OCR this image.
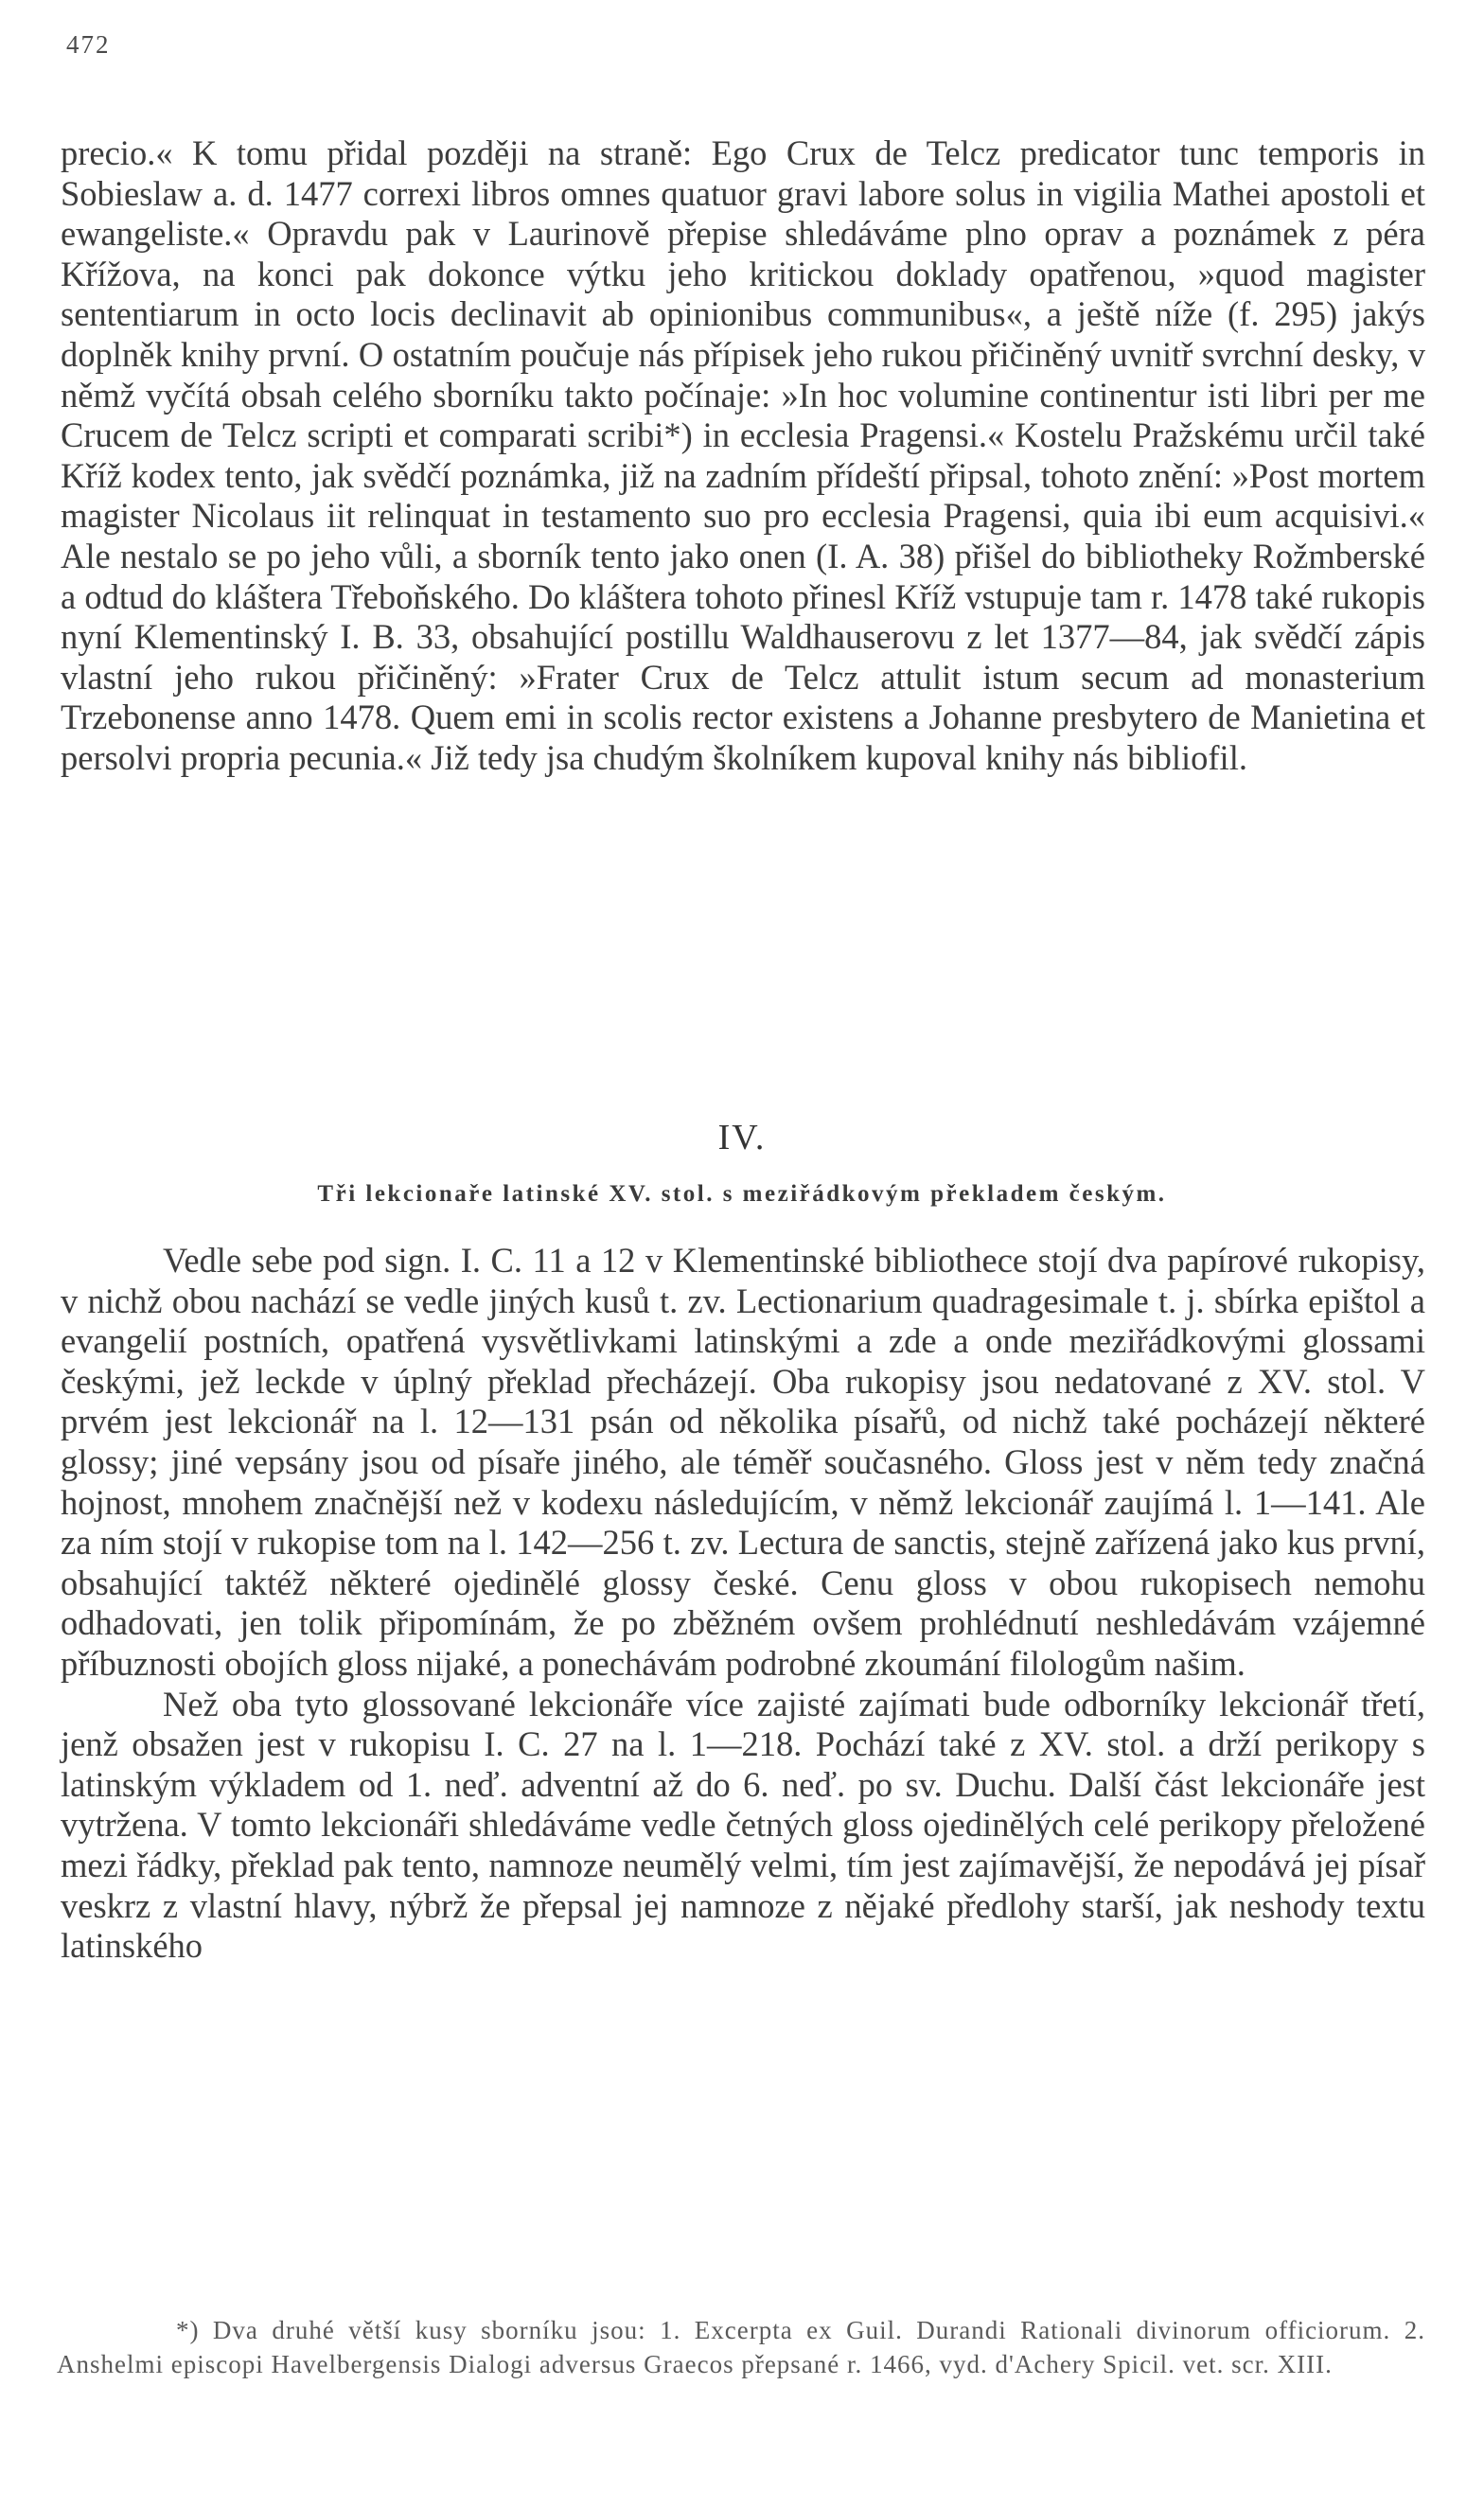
472

precio.« K tomu přidal později na straně: Ego Crux de Telcz predicator tunc temporis in Sobieslaw a. d. 1477 correxi libros omnes quatuor gravi labore solus in vigilia Mathei apostoli et ewangeliste.« Opravdu pak v Laurinově přepise shledáváme plno oprav a poznámek z péra Křížova, na konci pak dokonce výtku jeho kritickou doklady opatřenou, »quod magister sententiarum in octo locis declinavit ab opinionibus communibus«, a ještě níže (f. 295) jakýs doplněk knihy první. O ostatním poučuje nás přípisek jeho rukou přičiněný uvnitř svrchní desky, v němž vyčítá obsah celého sborníku takto počínaje: »In hoc volumine continentur isti libri per me Crucem de Telcz scripti et comparati scribi*) in ecclesia Pragensi.« Kostelu Pražskému určil také Kříž kodex tento, jak svědčí poznámka, již na zadním přídeští připsal, tohoto znění: »Post mortem magister Nicolaus iit relinquat in testamento suo pro ecclesia Pragensi, quia ibi eum acquisivi.« Ale nestalo se po jeho vůli, a sborník tento jako onen (I. A. 38) přišel do bibliotheky Rožmberské a odtud do kláštera Třeboňského. Do kláštera tohoto přinesl Kříž vstupuje tam r. 1478 také rukopis nyní Klementinský I. B. 33, obsahující postillu Waldhauserovu z let 1377—84, jak svědčí zápis vlastní jeho rukou přičiněný: »Frater Crux de Telcz attulit istum secum ad monasterium Trzebonense anno 1478. Quem emi in scolis rector existens a Johanne presbytero de Manietina et persolvi propria pecunia.« Již tedy jsa chudým školníkem kupoval knihy nás bibliofil.

IV.
Tři lekcionaře latinské XV. stol. s meziřádkovým překladem českým.

Vedle sebe pod sign. I. C. 11 a 12 v Klementinské bibliothece stojí dva papírové rukopisy, v nichž obou nachází se vedle jiných kusů t. zv. Lectionarium quadragesimale t. j. sbírka epištol a evangelií postních, opatřená vysvětlivkami latinskými a zde a onde meziřádkovými glossami českými, jež leckde v úplný překlad přecházejí. Oba rukopisy jsou nedatované z XV. stol. V prvém jest lekcionář na l. 12—131 psán od několika písařů, od nichž také pocházejí některé glossy; jiné vepsány jsou od písaře jiného, ale téměř současného. Gloss jest v něm tedy značná hojnost, mnohem značnější než v kodexu následujícím, v němž lekcionář zaujímá l. 1—141. Ale za ním stojí v rukopise tom na l. 142—256 t. zv. Lectura de sanctis, stejně zařízená jako kus první, obsahující taktéž některé ojedinělé glossy české. Cenu gloss v obou rukopisech nemohu odhadovati, jen tolik připomínám, že po zběžném ovšem prohlédnutí neshledávám vzájemné příbuznosti obojích gloss nijaké, a ponechávám podrobné zkoumání filologům našim.

Než oba tyto glossované lekcionáře více zajisté zajímati bude odborníky lekcionář třetí, jenž obsažen jest v rukopisu I. C. 27 na l. 1—218. Pochází také z XV. stol. a drží perikopy s latinským výkladem od 1. neď. adventní až do 6. neď. po sv. Duchu. Další část lekcionáře jest vytržena. V tomto lekcionáři shledáváme vedle četných gloss ojedinělých celé perikopy přeložené mezi řádky, překlad pak tento, namnoze neumělý velmi, tím jest zajímavější, že nepodává jej písař veskrz z vlastní hlavy, nýbrž že přepsal jej namnoze z nějaké předlohy starší, jak neshody textu latinského

*) Dva druhé větší kusy sborníku jsou: 1. Excerpta ex Guil. Durandi Rationali divinorum officiorum. 2. Anshelmi episcopi Havelbergensis Dialogi adversus Graecos přepsané r. 1466, vyd. d'Achery Spicil. vet. scr. XIII.
